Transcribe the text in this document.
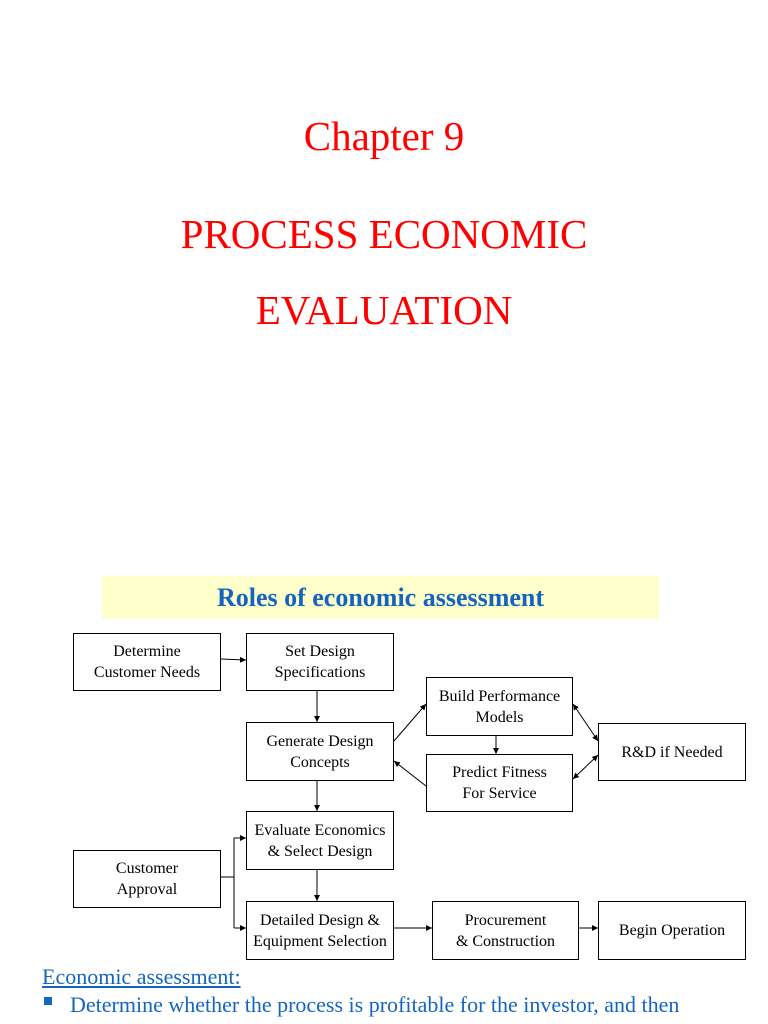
Chapter 9
PROCESS ECONOMIC
EVALUATION
Roles of economic assessment
Determine
Customer Needs
Set Design
Specifications
Generate Design
Concepts
Build Performance
Models
Predict Fitness
For Service
R&D if Needed
Evaluate Economics
& Select Design
Customer
Approval
Detailed Design &
Equipment Selection
Procurement
& Construction
Begin Operation
Economic assessment:
Determine whether the process is profitable for the investor, and then
